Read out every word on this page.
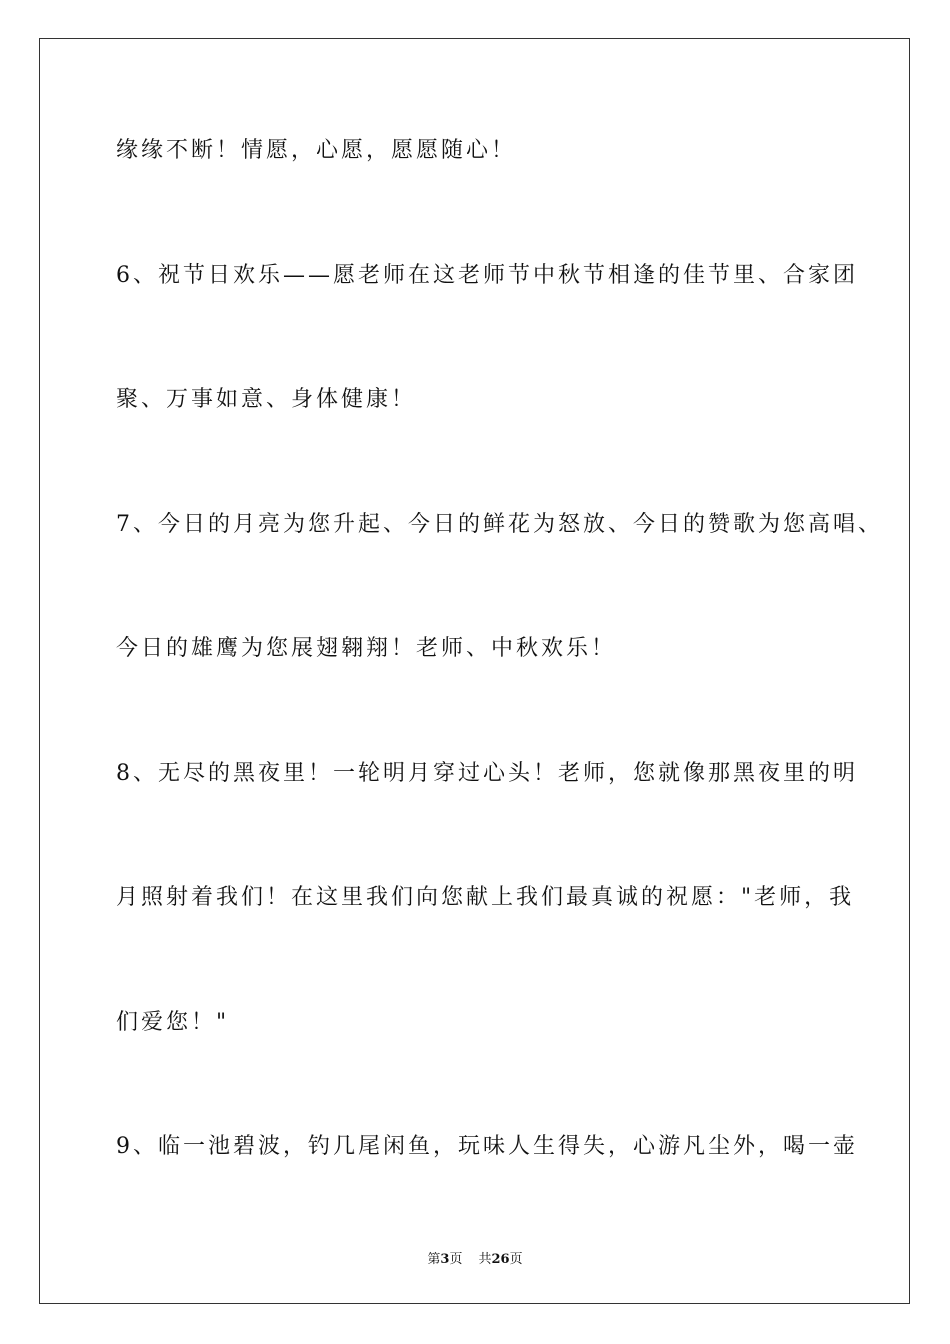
缘缘不断！情愿，心愿，愿愿随心！
6、祝节日欢乐——愿老师在这老师节中秋节相逢的佳节里、合家团
聚、万事如意、身体健康！
7、今日的月亮为您升起、今日的鲜花为怒放、今日的赞歌为您高唱、
今日的雄鹰为您展翅翱翔！老师、中秋欢乐！
8、无尽的黑夜里！一轮明月穿过心头！老师，您就像那黑夜里的明
月照射着我们！在这里我们向您献上我们最真诚的祝愿："老师，我
们爱您！"
9、临一池碧波，钓几尾闲鱼，玩味人生得失，心游凡尘外，喝一壶
第3页 共26页
